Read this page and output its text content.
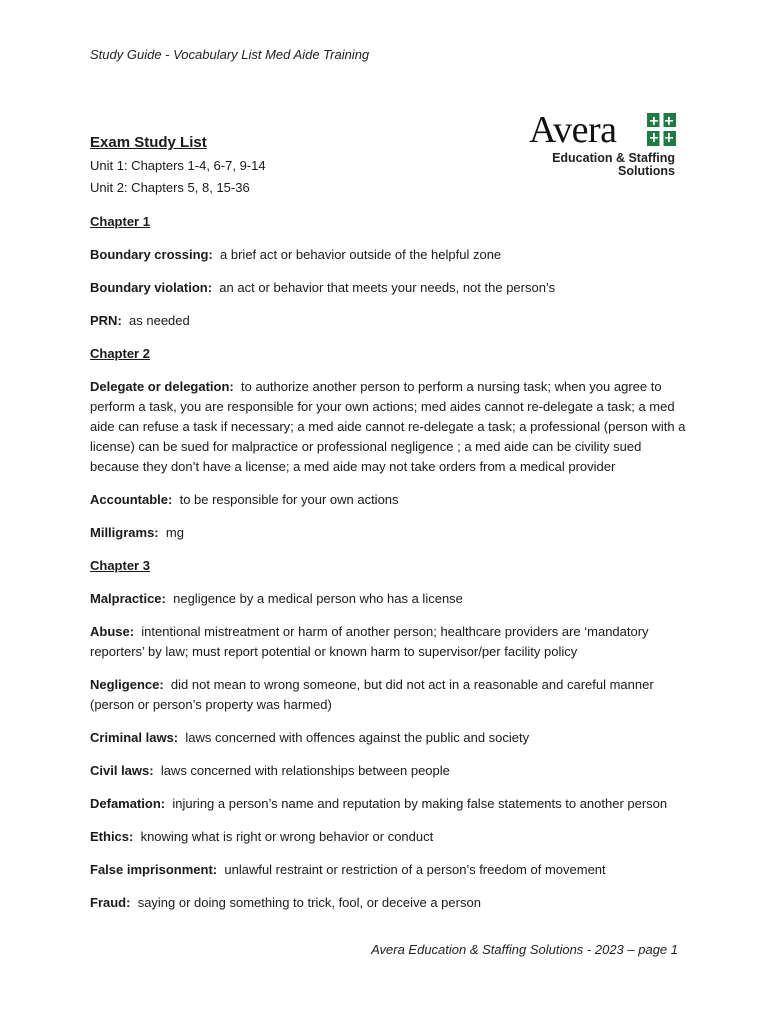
Study Guide - Vocabulary List Med Aide Training
Avera
Education & Staffing
Solutions

Exam Study List

Unit 1: Chapters 1-4, 6-7, 9-14

Unit 2: Chapters 5, 8, 15-36

Chapter 1

Boundary crossing: a brief act or behavior outside of the helpful zone

Boundary violation: an act or behavior that meets your needs, not the person’s

PRN: as needed

Chapter 2

Delegate or delegation: to authorize another person to perform a nursing task; when you agree to perform a task, you are responsible for your own actions; med aides cannot re-delegate a task; a med aide can refuse a task if necessary; a med aide cannot re-delegate a task; a professional (person with a license) can be sued for malpractice or professional negligence ; a med aide can be civility sued because they don’t have a license; a med aide may not take orders from a medical provider

Accountable: to be responsible for your own actions

Milligrams: mg

Chapter 3

Malpractice: negligence by a medical person who has a license

Abuse: intentional mistreatment or harm of another person; healthcare providers are ‘mandatory reporters’ by law; must report potential or known harm to supervisor/per facility policy

Negligence:  did not mean to wrong someone, but did not act in a reasonable and careful manner (person or person’s property was harmed)

Criminal laws: laws concerned with offences against the public and society

Civil laws: laws concerned with relationships between people

Defamation: injuring a person’s name and reputation by making false statements to another person

Ethics: knowing what is right or wrong behavior or conduct

False imprisonment: unlawful restraint or restriction of a person’s freedom of movement

Fraud: saying or doing something to trick, fool, or deceive a person

Avera Education & Staffing Solutions - 2023 – page 1
